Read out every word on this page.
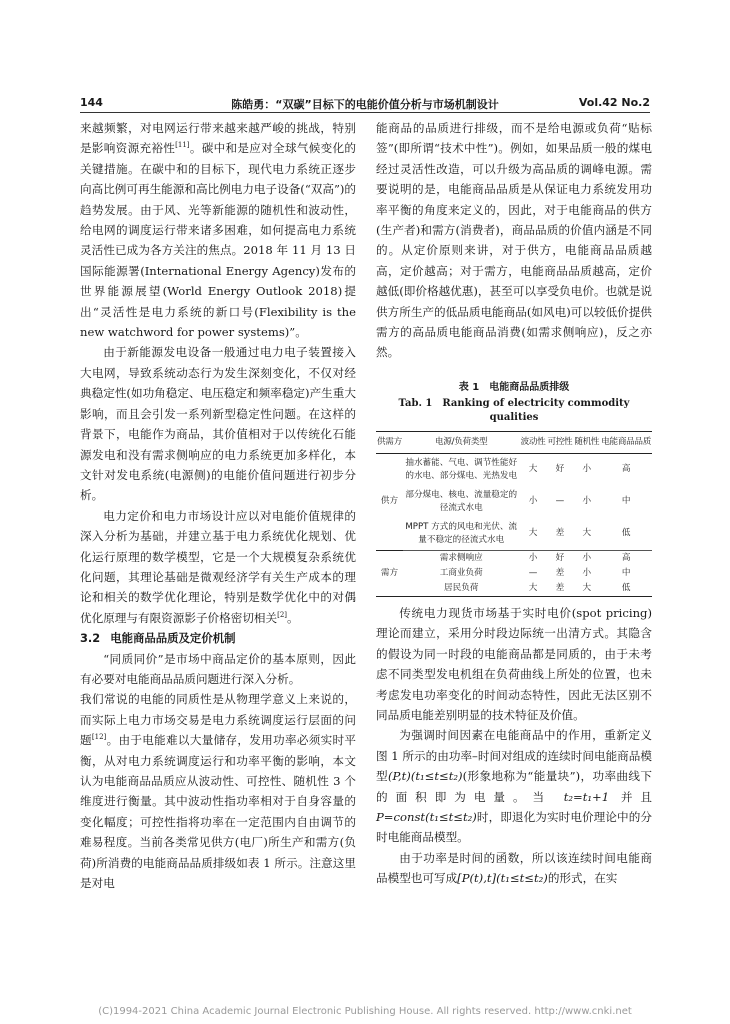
144	陈皓勇：“双碳”目标下的电能价值分析与市场机制设计	Vol.42 No.2

来越频繁，对电网运行带来越来越严峻的挑战，特别是影响资源充裕性[11]。碳中和是应对全球气候变化的关键措施。在碳中和的目标下，现代电力系统正逐步向高比例可再生能源和高比例电力电子设备(“双高”)的趋势发展。由于风、光等新能源的随机性和波动性，给电网的调度运行带来诸多困难，如何提高电力系统灵活性已成为各方关注的焦点。2018 年 11 月 13 日国际能源署(International Energy Agency)发布的世界能源展望(World Energy Outlook 2018)提出“灵活性是电力系统的新口号(Flexibility is the new watchword for power systems)”。

由于新能源发电设备一般通过电力电子装置接入大电网，导致系统动态行为发生深刻变化，不仅对经典稳定性(如功角稳定、电压稳定和频率稳定)产生重大影响，而且会引发一系列新型稳定性问题。在这样的背景下，电能作为商品，其价值相对于以传统化石能源发电和没有需求侧响应的电力系统更加多样化，本文针对发电系统(电源侧)的电能价值问题进行初步分析。

电力定价和电力市场设计应以对电能价值规律的深入分析为基础，并建立基于电力系统优化规划、优化运行原理的数学模型，它是一个大规模复杂系统优化问题，其理论基础是微观经济学有关生产成本的理论和相关的数学优化理论，特别是数学优化中的对偶优化原理与有限资源影子价格密切相关[2]。

3.2 电能商品品质及定价机制

“同质同价”是市场中商品定价的基本原则，因此有必要对电能商品品质问题进行深入分析。

我们常说的电能的同质性是从物理学意义上来说的，而实际上电力市场交易是电力系统调度运行层面的问题[12]。由于电能难以大量储存，发用功率必须实时平衡，从对电力系统调度运行和功率平衡的影响，本文认为电能商品品质应从波动性、可控性、随机性 3 个维度进行衡量。其中波动性指功率相对于自身容量的变化幅度；可控性指将功率在一定范围内自由调节的难易程度。当前各类常见供方(电厂)所生产和需方(负荷)所消费的电能商品品质排级如表 1 所示。注意这里是对电

能商品的品质进行排级，而不是给电源或负荷“贴标签”(即所谓“技术中性”)。例如，如果品质一般的煤电经过灵活性改造，可以升级为高品质的调峰电源。需要说明的是，电能商品品质是从保证电力系统发用功率平衡的角度来定义的，因此，对于电能商品的供方(生产者)和需方(消费者)，商品品质的价值内涵是不同的。从定价原则来讲，对于供方，电能商品品质越高，定价越高；对于需方，电能商品品质越高，定价越低(即价格越优惠)，甚至可以享受负电价。也就是说供方所生产的低品质电能商品(如风电)可以较低价提供需方的高品质电能商品消费(如需求侧响应)，反之亦然。

表 1　电能商品品质排级
Tab. 1　Ranking of electricity commodity qualities
供需方	电源/负荷类型	波动性	可控性	随机性	电能商品品质
供方	抽水蓄能、气电、调节性能好的水电、部分煤电、光热发电	大	好	小	高
	部分煤电、核电、流量稳定的径流式水电	小	—	小	中
	MPPT 方式的风电和光伏、流量不稳定的径流式水电	大	差	大	低
需方	需求侧响应	小	好	小	高
	工商业负荷	—	差	小	中
	居民负荷	大	差	大	低

传统电力现货市场基于实时电价(spot pricing)理论而建立，采用分时段边际统一出清方式。其隐含的假设为同一时段的电能商品都是同质的，由于未考虑不同类型发电机组在负荷曲线上所处的位置，也未考虑发电功率变化的时间动态特性，因此无法区别不同品质电能差别明显的技术特征及价值。

为强调时间因素在电能商品中的作用，重新定义图 1 所示的由功率–时间对组成的连续时间电能商品模型(P,t)(t₁≤t≤t₂)(形象地称为“能量块”)，功率曲线下的面积即为电量。当 t₂=t₁+1 并且 P=const(t₁≤t≤t₂)时，即退化为实时电价理论中的分时电能商品模型。

由于功率是时间的函数，所以该连续时间电能商品模型也可写成[P(t),t](t₁≤t≤t₂)的形式，在实

(C)1994-2021 China Academic Journal Electronic Publishing House. All rights reserved. http://www.cnki.net
